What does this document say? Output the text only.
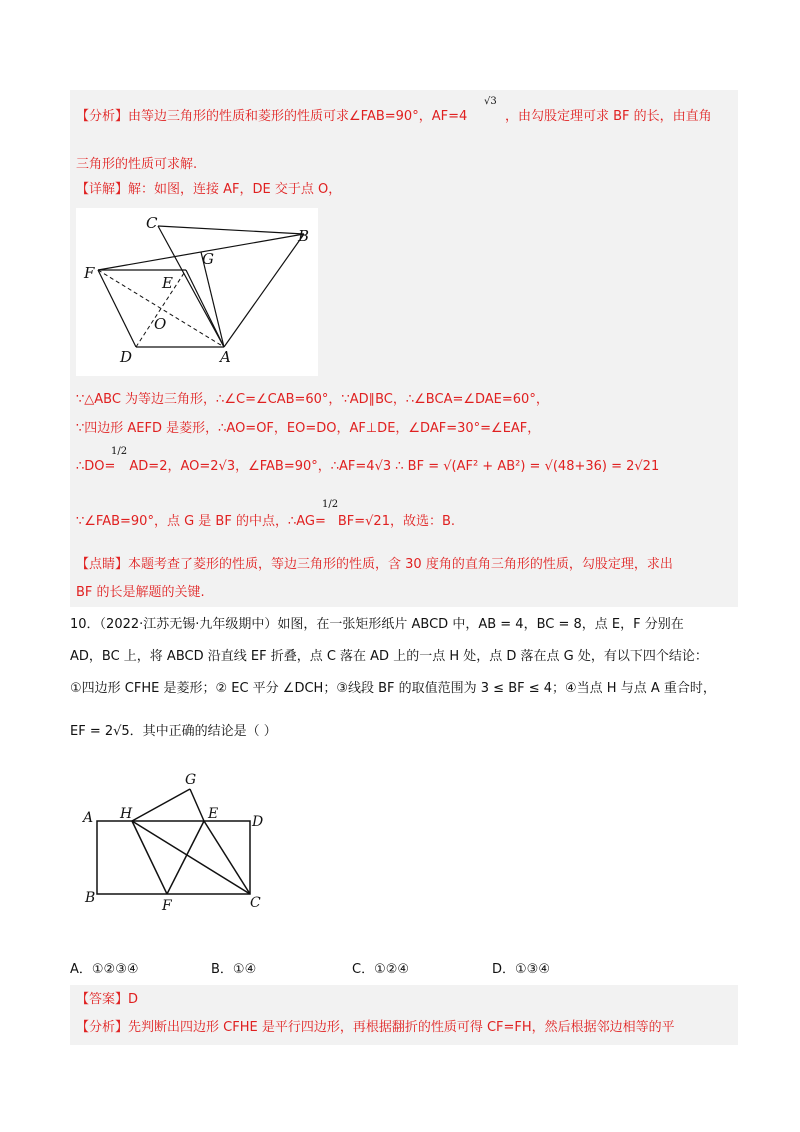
【分析】由等边三角形的性质和菱形的性质可求∠FAB=90°，AF=4
√3
，由勾股定理可求 BF 的长，由直角
三角形的性质可求解.
【详解】解：如图，连接 AF，DE 交于点 O，
C
B
G
F
E
O
D	A
∵△ABC 为等边三角形，∴∠C=∠CAB=60°，∵AD∥BC，∴∠BCA=∠DAE=60°，
∵四边形 AEFD 是菱形，∴AO=OF，EO=DO，AF⊥DE，∠DAF=30°=∠EAF，
1/2
∴DO= AD=2，AO=2√3，∠FAB=90°，∴AF=4√3 ∴ BF = √(AF² + AB²) = √(48+36) = 2√21
1/2
∵∠FAB=90°，点 G 是 BF 的中点，∴AG= BF=√21，故选：B.
【点睛】本题考查了菱形的性质，等边三角形的性质，含 30 度角的直角三角形的性质，勾股定理，求出
BF 的长是解题的关键.
10．（2022·江苏无锡·九年级期中）如图，在一张矩形纸片 ABCD 中，AB = 4，BC = 8，点 E，F 分别在
AD，BC 上，将 ABCD 沿直线 EF 折叠，点 C 落在 AD 上的一点 H 处，点 D 落在点 G 处，有以下四个结论：
①四边形 CFHE 是菱形；② EC 平分 ∠DCH；③线段 BF 的取值范围为 3 ≤ BF ≤ 4；④当点 H 与点 A 重合时，
EF = 2√5．其中正确的结论是（ ）
G
A H	E D
B	F	C
A．①②③④	B．①④	C．①②④	D．①③④
【答案】D
【分析】先判断出四边形 CFHE 是平行四边形，再根据翻折的性质可得 CF=FH，然后根据邻边相等的平
